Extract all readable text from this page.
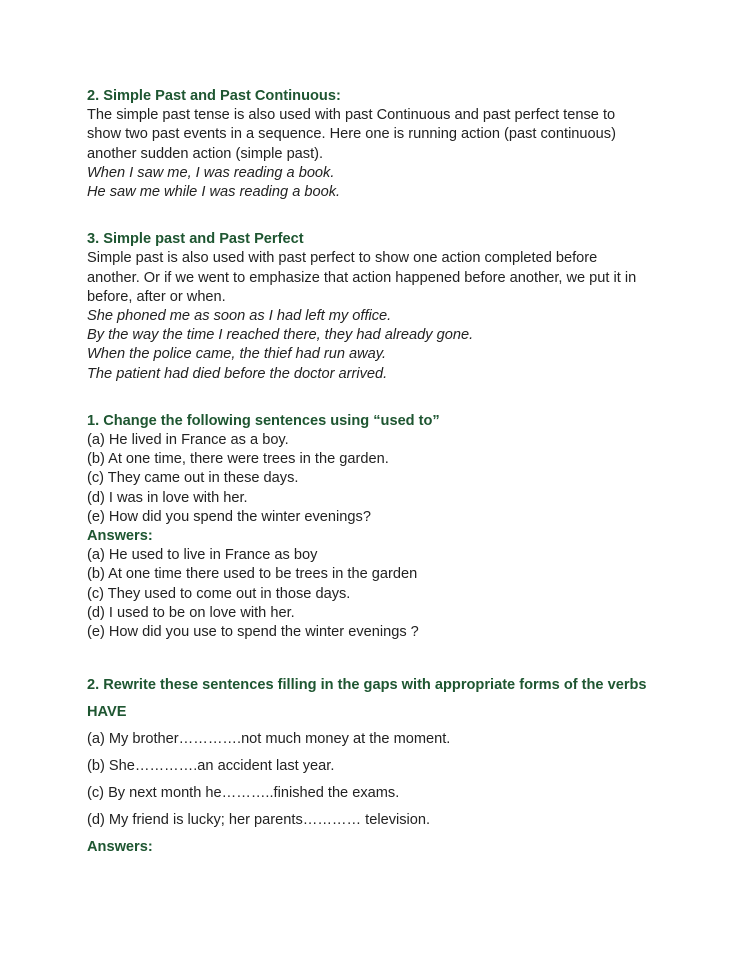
2. Simple Past and Past Continuous:
The simple past tense is also used with past Continuous and past perfect tense to
show two past events in a sequence. Here one is running action (past continuous)
another sudden action (simple past).
When I saw me, I was reading a book.
He saw me while I was reading a book.
3. Simple past and Past Perfect
Simple past is also used with past perfect to show one action completed before
another. Or if we went to emphasize that action happened before another, we put it in
before, after or when.
She phoned me as soon as I had left my office.
By the way the time I reached there, they had already gone.
When the police came, the thief had run away.
The patient had died before the doctor arrived.
1. Change the following sentences using “used to”
(a) He lived in France as a boy.
(b) At one time, there were trees in the garden.
(c) They came out in these days.
(d) I was in love with her.
(e) How did you spend the winter evenings?
Answers:
(a) He used to live in France as boy
(b) At one time there used to be trees in the garden
(c) They used to come out in those days.
(d) I used to be on love with her.
(e) How did you use to spend the winter evenings ?
2. Rewrite these sentences filling in the gaps with appropriate forms of the verbs
HAVE
(a) My brother………….not much money at the moment.
(b) She………….an accident last year.
(c) By next month he………..finished the exams.
(d) My friend is lucky; her parents………… television.
Answers:
